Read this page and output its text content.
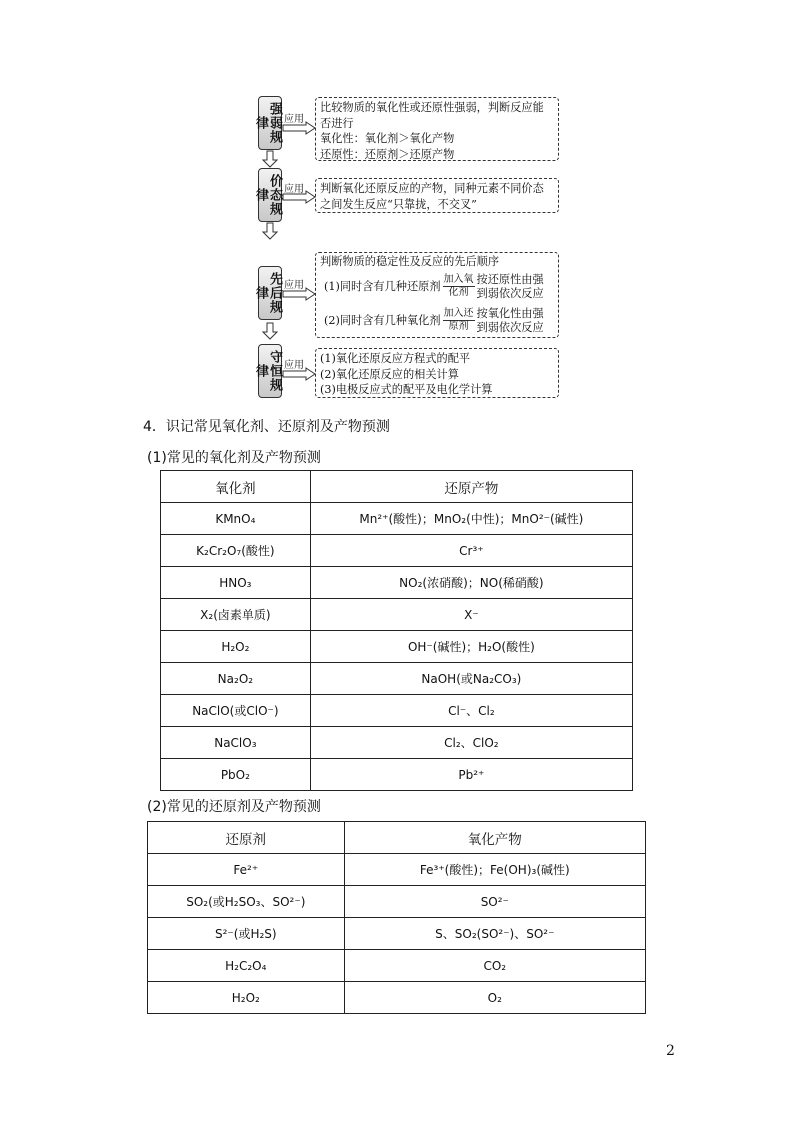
强弱规律	应用
比较物质的氧化性或还原性强弱，判断反应能
否进行
氧化性：氧化剂＞氧化产物
还原性：还原剂＞还原产物
价态规律	应用 判断氧化还原反应的产物，同种元素不同价态
之间发生反应“只靠拢，不交叉”
先后规律
应用
判断物质的稳定性及反应的先后顺序
(1)同时含有几种还原剂 $\frac{\text{加入氧}}{\text{化剂}}$ 按还原性由强
到弱依次反应
(2)同时含有几种氧化剂 $\frac{\text{加入还}}{\text{原剂}}$ 按氧化性由强
到弱依次反应
守恒规律	应用
(1)氧化还原反应方程式的配平
(2)氧化还原反应的相关计算
(3)电极反应式的配平及电化学计算
4．识记常见氧化剂、还原剂及产物预测
(1)常见的氧化剂及产物预测
氧化剂	还原产物
KMnO₄	Mn²⁺(酸性)；MnO₂(中性)；MnO²⁻(碱性)
K₂Cr₂O₇(酸性)	Cr³⁺
HNO₃	NO₂(浓硝酸)；NO(稀硝酸)
X₂(卤素单质)	X⁻
H₂O₂	OH⁻(碱性)；H₂O(酸性)
Na₂O₂	NaOH(或Na₂CO₃)
NaClO(或ClO⁻)	Cl⁻、Cl₂
NaClO₃	Cl₂、ClO₂
PbO₂	Pb²⁺
(2)常见的还原剂及产物预测
还原剂	氧化产物
Fe²⁺	Fe³⁺(酸性)；Fe(OH)₃(碱性)
SO₂(或H₂SO₃、SO²⁻)	SO²⁻
S²⁻(或H₂S)	S、SO₂(SO²⁻)、SO²⁻
H₂C₂O₄	CO₂
H₂O₂	O₂
2
